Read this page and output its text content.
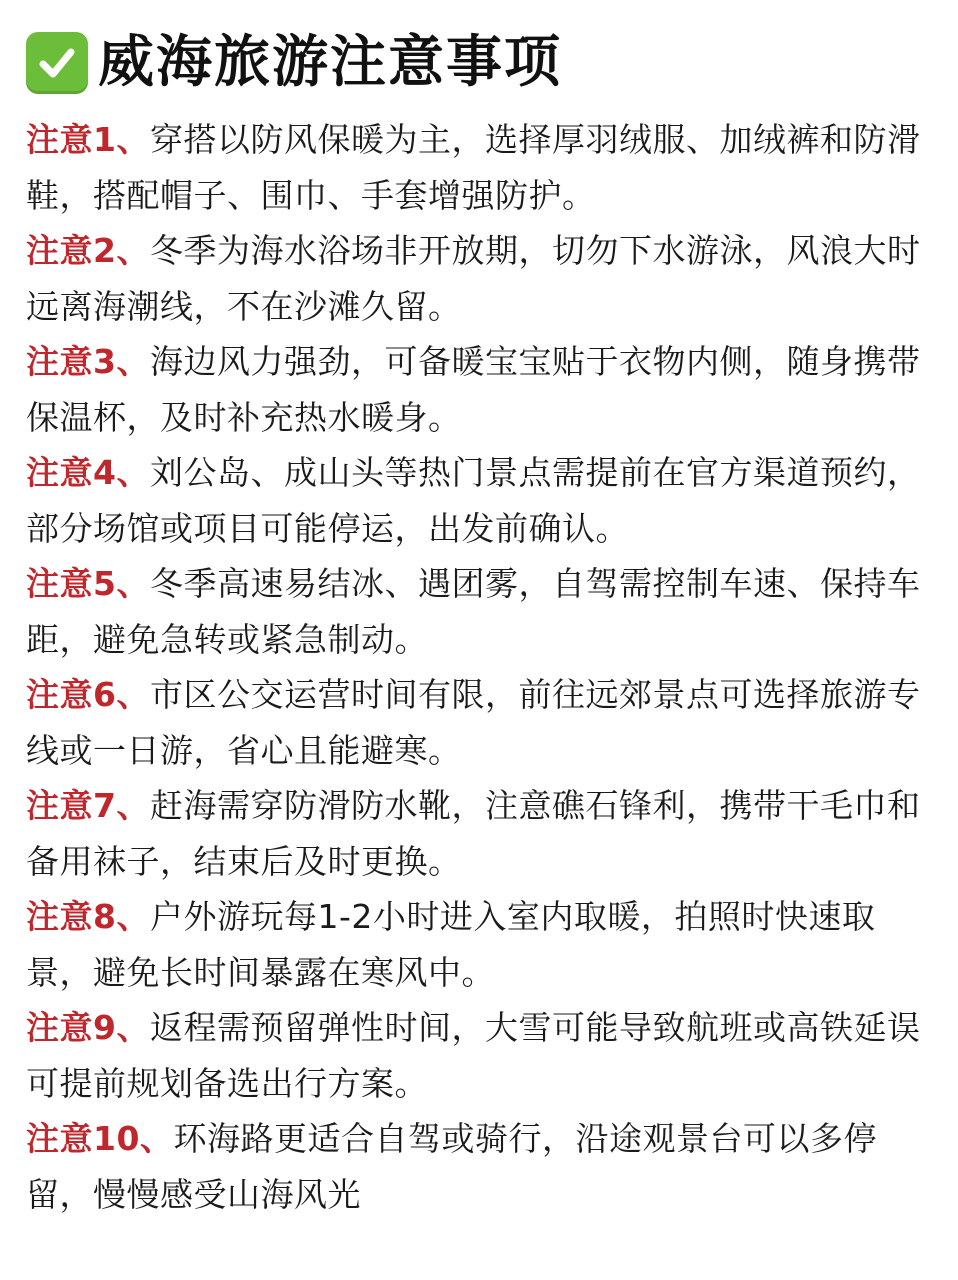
威海旅游注意事项
注意1、穿搭以防风保暖为主，选择厚羽绒服、加绒裤和防滑鞋，搭配帽子、围巾、手套增强防护。
注意2、冬季为海水浴场非开放期，切勿下水游泳，风浪大时远离海潮线，不在沙滩久留。
注意3、海边风力强劲，可备暖宝宝贴于衣物内侧，随身携带保温杯，及时补充热水暖身。
注意4、刘公岛、成山头等热门景点需提前在官方渠道预约，部分场馆或项目可能停运，出发前确认。
注意5、冬季高速易结冰、遇团雾，自驾需控制车速、保持车距，避免急转或紧急制动。
注意6、市区公交运营时间有限，前往远郊景点可选择旅游专线或一日游，省心且能避寒。
注意7、赶海需穿防滑防水靴，注意礁石锋利，携带干毛巾和备用袜子，结束后及时更换。
注意8、户外游玩每1-2小时进入室内取暖，拍照时快速取景，避免长时间暴露在寒风中。
注意9、返程需预留弹性时间，大雪可能导致航班或高铁延误可提前规划备选出行方案。
注意10、环海路更适合自驾或骑行，沿途观景台可以多停留，慢慢感受山海风光
